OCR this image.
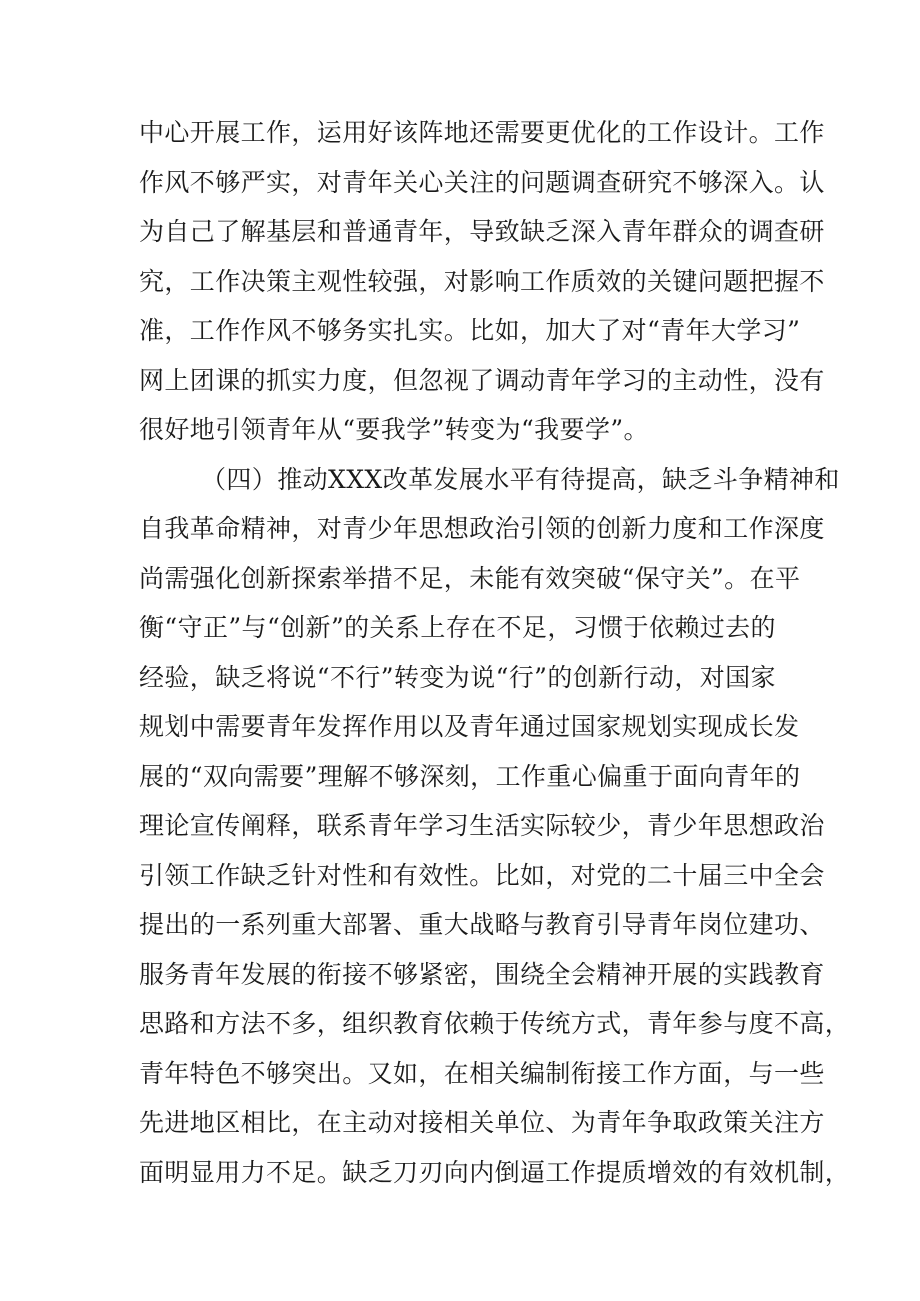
中心开展工作，运用好该阵地还需要更优化的工作设计。工作
作风不够严实，对青年关心关注的问题调查研究不够深入。认
为自己了解基层和普通青年，导致缺乏深入青年群众的调查研
究，工作决策主观性较强，对影响工作质效的关键问题把握不
准，工作作风不够务实扎实。比如，加大了对“青年大学习”
网上团课的抓实力度，但忽视了调动青年学习的主动性，没有
很好地引领青年从“要我学”转变为“我要学”。
（四）推动XXX改革发展水平有待提高，缺乏斗争精神和
自我革命精神，对青少年思想政治引领的创新力度和工作深度
尚需强化创新探索举措不足，未能有效突破“保守关”。在平
衡“守正”与“创新”的关系上存在不足，习惯于依赖过去的
经验，缺乏将说“不行”转变为说“行”的创新行动，对国家
规划中需要青年发挥作用以及青年通过国家规划实现成长发
展的“双向需要”理解不够深刻，工作重心偏重于面向青年的
理论宣传阐释，联系青年学习生活实际较少，青少年思想政治
引领工作缺乏针对性和有效性。比如，对党的二十届三中全会
提出的一系列重大部署、重大战略与教育引导青年岗位建功、
服务青年发展的衔接不够紧密，围绕全会精神开展的实践教育
思路和方法不多，组织教育依赖于传统方式，青年参与度不高，
青年特色不够突出。又如，在相关编制衔接工作方面，与一些
先进地区相比，在主动对接相关单位、为青年争取政策关注方
面明显用力不足。缺乏刀刃向内倒逼工作提质增效的有效机制，
